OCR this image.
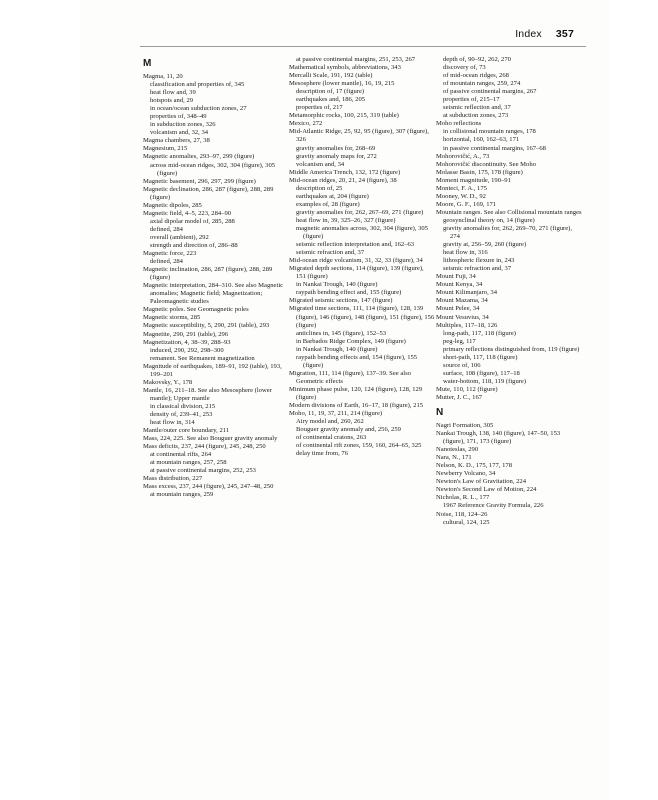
Index 357
M
Magma, 11, 20
classification and properties of, 345
heat flow and, 39
hotspots and, 29
in ocean/ocean subduction zones, 27
properties of, 348–49
in subduction zones, 326
volcanism and, 32, 34
Magma chambers, 27, 38
Magnesium, 215
Magnetic anomalies, 293–97, 299 (figure)
across mid-ocean ridges, 302, 304 (figure), 305 (figure)
Magnetic basement, 296, 297, 299 (figure)
Magnetic declination, 286, 287 (figure), 288, 289 (figure)
Magnetic dipoles, 285
Magnetic field, 4–5, 223, 284–90
axial dipolar model of, 285, 288
defined, 284
overall (ambient), 292
strength and direction of, 286–88
Magnetic force, 223
defined, 284
Magnetic inclination, 286, 287 (figure), 288, 289 (figure)
Magnetic interpretation, 284–310. See also Magnetic anomalies; Magnetic field; Magnetization; Paleomagnetic studies
Magnetic poles. See Geomagnetic poles
Magnetic storms, 285
Magnetic susceptibility, 5, 290, 291 (table), 293
Magnetite, 290, 291 (table), 296
Magnetization, 4, 38–39, 288–93
induced, 290, 292, 298–300
remanent. See Remanent magnetization
Magnitude of earthquakes, 189–91, 192 (table), 193, 199–201
Makovsky, Y., 178
Mantle, 16, 211–18. See also Mesosphere (lower mantle); Upper mantle
in classical division, 215
density of, 239–41, 253
heat flow in, 314
Mantle/outer core boundary, 211
Mass, 224, 225. See also Bouguer gravity anomaly
Mass deficits, 237, 244 (figure), 245, 248, 250
at continental rifts, 264
at mountain ranges, 257, 258
at passive continental margins, 252, 253
Mass distribution, 227
Mass excess, 237, 244 (figure), 245, 247–48, 250
at mountain ranges, 259
at passive continental margins, 251, 253, 267
Mathematical symbols, abbreviations, 343
Mercalli Scale, 191, 192 (table)
Mesosphere (lower mantle), 16, 19, 215
description of, 17 (figure)
earthquakes and, 186, 205
properties of, 217
Metamorphic rocks, 100, 215, 319 (table)
Mexico, 272
Mid-Atlantic Ridge, 25, 92, 95 (figure), 307 (figure), 326
gravity anomalies for, 268–69
gravity anomaly maps for, 272
volcanism and, 34
Middle America Trench, 132, 172 (figure)
Mid-ocean ridges, 20, 21, 24 (figure), 38
description of, 25
earthquakes at, 204 (figure)
examples of, 28 (figure)
gravity anomalies for, 262, 267–69, 271 (figure)
heat flow in, 39, 325–26, 327 (figure)
magnetic anomalies across, 302, 304 (figure), 305 (figure)
seismic reflection interpretation and, 162–63
seismic refraction and, 37
Mid-ocean ridge volcanism, 31, 32, 33 (figure), 34
Migrated depth sections, 114 (figure), 139 (figure), 151 (figure)
in Nankai Trough, 140 (figure)
raypath bending effect and, 155 (figure)
Migrated seismic sections, 147 (figure)
Migrated time sections, 111, 114 (figure), 128, 139 (figure), 146 (figure), 148 (figure), 151 (figure), 156 (figure)
anticlines in, 145 (figure), 152–53
in Barbados Ridge Complex, 149 (figure)
in Nankai Trough, 140 (figure)
raypath bending effects and, 154 (figure), 155 (figure)
Migration, 111, 114 (figure), 137–39. See also Geometric effects
Minimum phase pulse, 120, 124 (figure), 128, 129 (figure)
Modern divisions of Earth, 16–17, 18 (figure), 215
Moho, 11, 19, 37, 211, 214 (figure)
Airy model and, 260, 262
Bouguer gravity anomaly and, 256, 259
of continental cratons, 263
of continental rift zones, 159, 160, 264–65, 325
delay time from, 76
depth of, 90–92, 262, 270
discovery of, 73
of mid-ocean ridges, 268
of mountain ranges, 259, 274
of passive continental margins, 267
properties of, 215–17
seismic reflection and, 37
at subduction zones, 273
Moho reflections
in collisional mountain ranges, 178
horizontal, 160, 162–63, 171
in passive continental margins, 167–68
Mohorovičić, A., 73
Mohorovičić discontinuity. See Moho
Molasse Basin, 175, 178 (figure)
Moment magnitude, 190–91
Monteci, F. A., 175
Mooney, W. D., 92
Moore, G. F., 169, 171
Mountain ranges. See also Collisional mountain ranges
geosynclinal theory on, 14 (figure)
gravity anomalies for, 262, 269–70, 271 (figure), 274
gravity at, 256–59, 260 (figure)
heat flow in, 316
lithospheric flexure in, 243
seismic refraction and, 37
Mount Fuji, 34
Mount Kenya, 34
Mount Kilimanjaro, 34
Mount Mazama, 34
Mount Pelee, 34
Mount Vesuvius, 34
Multiples, 117–18, 126
long-path, 117, 118 (figure)
peg-leg, 117
primary reflections distinguished from, 119 (figure)
short-path, 117, 118 (figure)
source of, 106
surface, 108 (figure), 117–18
water-bottom, 118, 119 (figure)
Mute, 110, 112 (figure)
Mutter, J. C., 167
N
Nagri Formation, 305
Nankai Trough, 138, 140 (figure), 147–50, 153 (figure), 171, 173 (figure)
Nanoteslas, 290
Nara, N., 171
Nelson, K. D., 175, 177, 178
Newberry Volcano, 34
Newton's Law of Gravitation, 224
Newton's Second Law of Motion, 224
Nicholas, R. L., 177
1967 Reference Gravity Formula, 226
Noise, 118, 124–26
cultural, 124, 125
